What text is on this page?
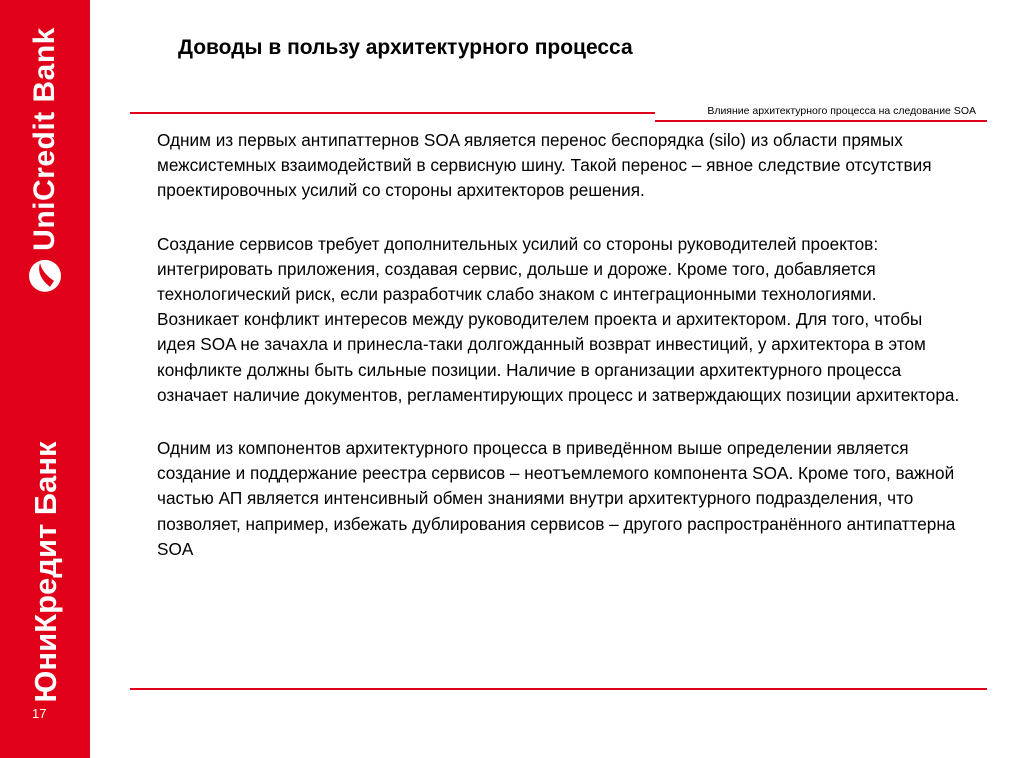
UniCredit Bank
ЮниКредит Банк
17
Доводы в пользу архитектурного процесса
Влияние архитектурного процесса на следование SOA

Одним из первых антипаттернов SOA является перенос беспорядка (silo) из области прямых межсистемных взаимодействий в сервисную шину. Такой перенос – явное следствие отсутствия проектировочных усилий со стороны архитекторов решения.

Создание сервисов требует дополнительных усилий со стороны руководителей проектов: интегрировать приложения, создавая сервис, дольше и дороже. Кроме того, добавляется технологический риск, если разработчик слабо знаком с интеграционными технологиями. Возникает конфликт интересов между руководителем проекта и архитектором. Для того, чтобы идея SOA не зачахла и принесла-таки долгожданный возврат инвестиций, у архитектора в этом конфликте должны быть сильные позиции. Наличие в организации архитектурного процесса означает наличие документов, регламентирующих процесс и затверждающих позиции архитектора.

Одним из компонентов архитектурного процесса в приведённом выше определении является создание и поддержание реестра сервисов – неотъемлемого компонента SOA. Кроме того, важной частью АП является интенсивный обмен знаниями внутри архитектурного подразделения, что позволяет, например, избежать дублирования сервисов – другого распространённого антипаттерна SOA
